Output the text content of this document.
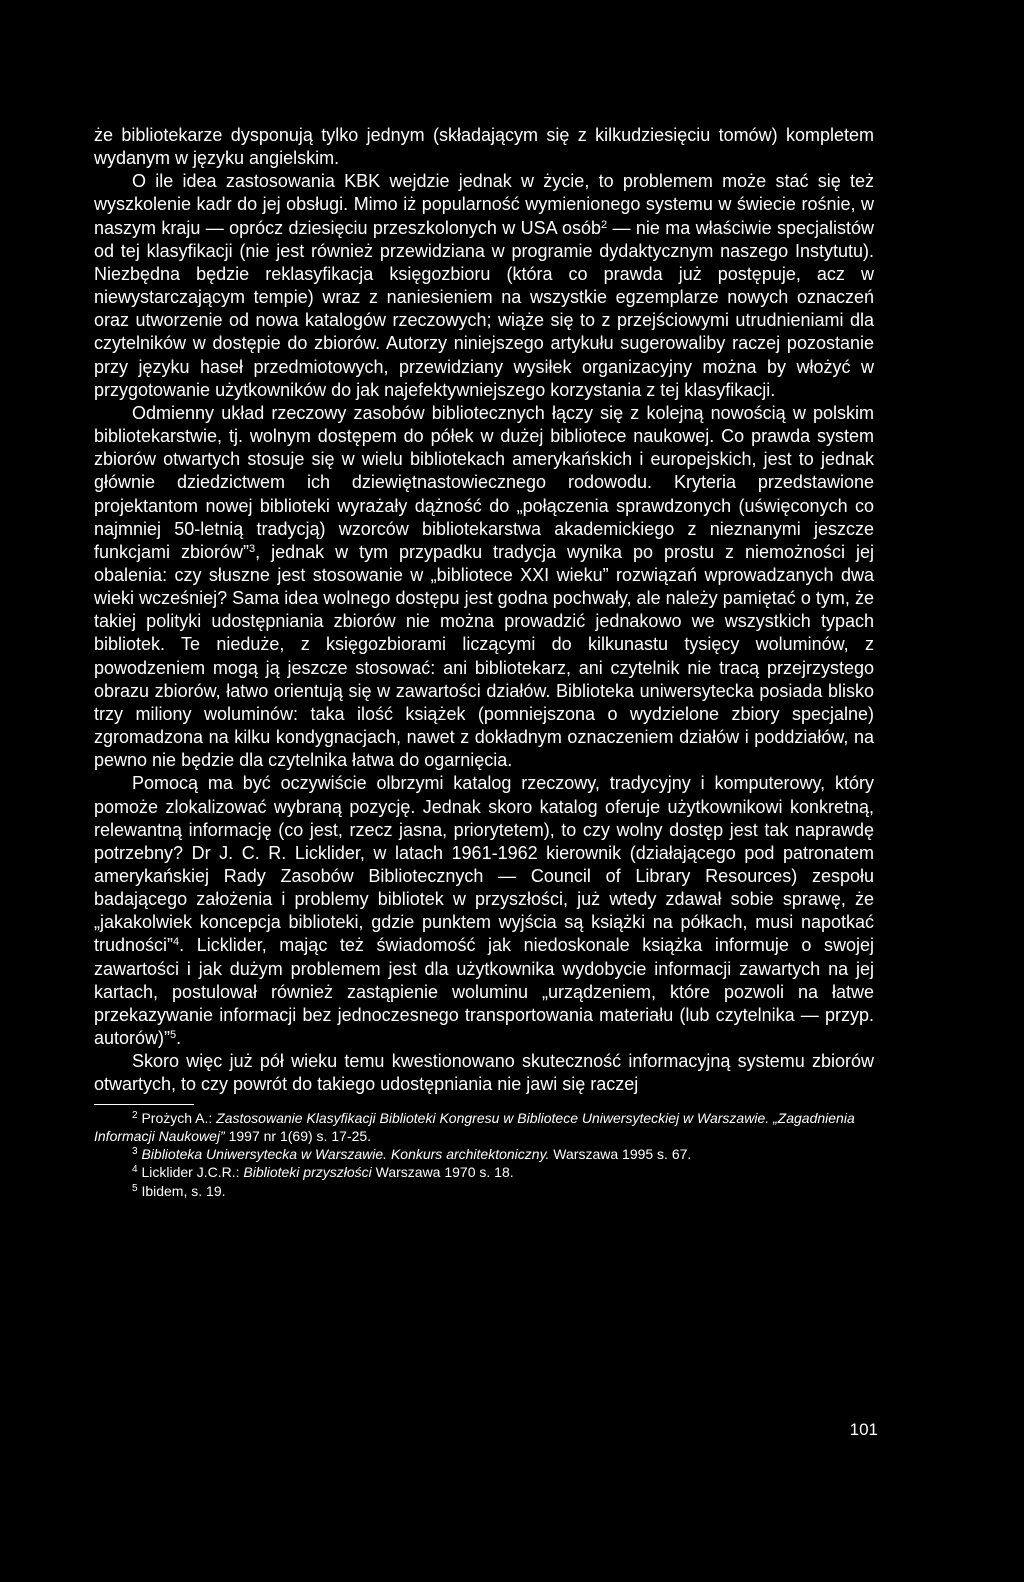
że bibliotekarze dysponują tylko jednym (składającym się z kilkudziesięciu tomów) kompletem wydanym w języku angielskim.

O ile idea zastosowania KBK wejdzie jednak w życie, to problemem może stać się też wyszkolenie kadr do jej obsługi. Mimo iż popularność wymienionego systemu w świecie rośnie, w naszym kraju — oprócz dziesięciu przeszkolonych w USA osób$^2$ — nie ma właściwie specjalistów od tej klasyfikacji (nie jest również przewidziana w programie dydaktycznym naszego Instytutu). Niezbędna będzie reklasyfikacja księgozbioru (która co prawda już postępuje, acz w niewystarczającym tempie) wraz z naniesieniem na wszystkie egzemplarze nowych oznaczeń oraz utworzenie od nowa katalogów rzeczowych; wiąże się to z przejściowymi utrudnieniami dla czytelników w dostępie do zbiorów. Autorzy niniejszego artykułu sugerowaliby raczej pozostanie przy języku haseł przedmiotowych, przewidziany wysiłek organizacyjny można by włożyć w przygotowanie użytkowników do jak najefektywniejszego korzystania z tej klasyfikacji.

Odmienny układ rzeczowy zasobów bibliotecznych łączy się z kolejną nowością w polskim bibliotekarstwie, tj. wolnym dostępem do półek w dużej bibliotece naukowej. Co prawda system zbiorów otwartych stosuje się w wielu bibliotekach amerykańskich i europejskich, jest to jednak głównie dziedzictwem ich dziewiętnastowiecznego rodowodu. Kryteria przedstawione projektantom nowej biblioteki wyrażały dążność do „połączenia sprawdzonych (uświęconych co najmniej 50-letnią tradycją) wzorców bibliotekarstwa akademickiego z nieznanymi jeszcze funkcjami zbiorów”$^3$, jednak w tym przypadku tradycja wynika po prostu z niemożności jej obalenia: czy słuszne jest stosowanie w „bibliotece XXI wieku” rozwiązań wprowadzanych dwa wieki wcześniej? Sama idea wolnego dostępu jest godna pochwały, ale należy pamiętać o tym, że takiej polityki udostępniania zbiorów nie można prowadzić jednakowo we wszystkich typach bibliotek. Te nieduże, z księgozbiorami liczącymi do kilkunastu tysięcy woluminów, z powodzeniem mogą ją jeszcze stosować: ani bibliotekarz, ani czytelnik nie tracą przejrzystego obrazu zbiorów, łatwo orientują się w zawartości działów. Biblioteka uniwersytecka posiada blisko trzy miliony woluminów: taka ilość książek (pomniejszona o wydzielone zbiory specjalne) zgromadzona na kilku kondygnacjach, nawet z dokładnym oznaczeniem działów i poddziałów, na pewno nie będzie dla czytelnika łatwa do ogarnięcia.

Pomocą ma być oczywiście olbrzymi katalog rzeczowy, tradycyjny i komputerowy, który pomoże zlokalizować wybraną pozycję. Jednak skoro katalog oferuje użytkownikowi konkretną, relewantną informację (co jest, rzecz jasna, priorytetem), to czy wolny dostęp jest tak naprawdę potrzebny? Dr J. C. R. Licklider, w latach 1961-1962 kierownik (działającego pod patronatem amerykańskiej Rady Zasobów Bibliotecznych — Council of Library Resources) zespołu badającego założenia i problemy bibliotek w przyszłości, już wtedy zdawał sobie sprawę, że „jakakolwiek koncepcja biblioteki, gdzie punktem wyjścia są książki na półkach, musi napotkać trudności”$^4$. Licklider, mając też świadomość jak niedoskonale książka informuje o swojej zawartości i jak dużym problemem jest dla użytkownika wydobycie informacji zawartych na jej kartach, postulował również zastąpienie woluminu „urządzeniem, które pozwoli na łatwe przekazywanie informacji bez jednoczesnego transportowania materiału (lub czytelnika — przyp. autorów)”$^5$.

Skoro więc już pół wieku temu kwestionowano skuteczność informacyjną systemu zbiorów otwartych, to czy powrót do takiego udostępniania nie jawi się raczej

$^2$ Prożych A.: Zastosowanie Klasyfikacji Biblioteki Kongresu w Bibliotece Uniwersyteckiej w Warszawie. „Zagadnienia Informacji Naukowej” 1997 nr 1(69) s. 17-25.

$^3$ Biblioteka Uniwersytecka w Warszawie. Konkurs architektoniczny. Warszawa 1995 s. 67.

$^4$ Licklider J.C.R.: Biblioteki przyszłości Warszawa 1970 s. 18.

$^5$ Ibidem, s. 19.

101
